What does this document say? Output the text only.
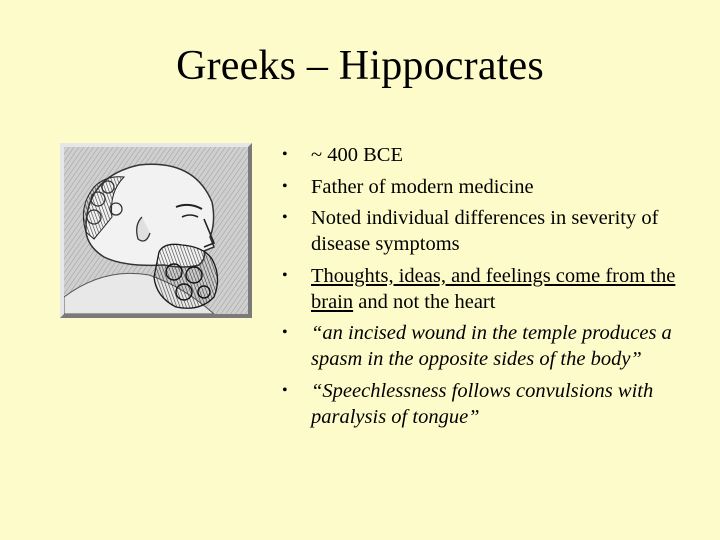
Greeks – Hippocrates
• ~ 400 BCE
• Father of modern medicine
• Noted individual differences in severity of disease symptoms
• Thoughts, ideas, and feelings come from the brain and not the heart
• “an incised wound in the temple produces a spasm in the opposite sides of the body”
• “Speechlessness follows convulsions with paralysis of tongue”
